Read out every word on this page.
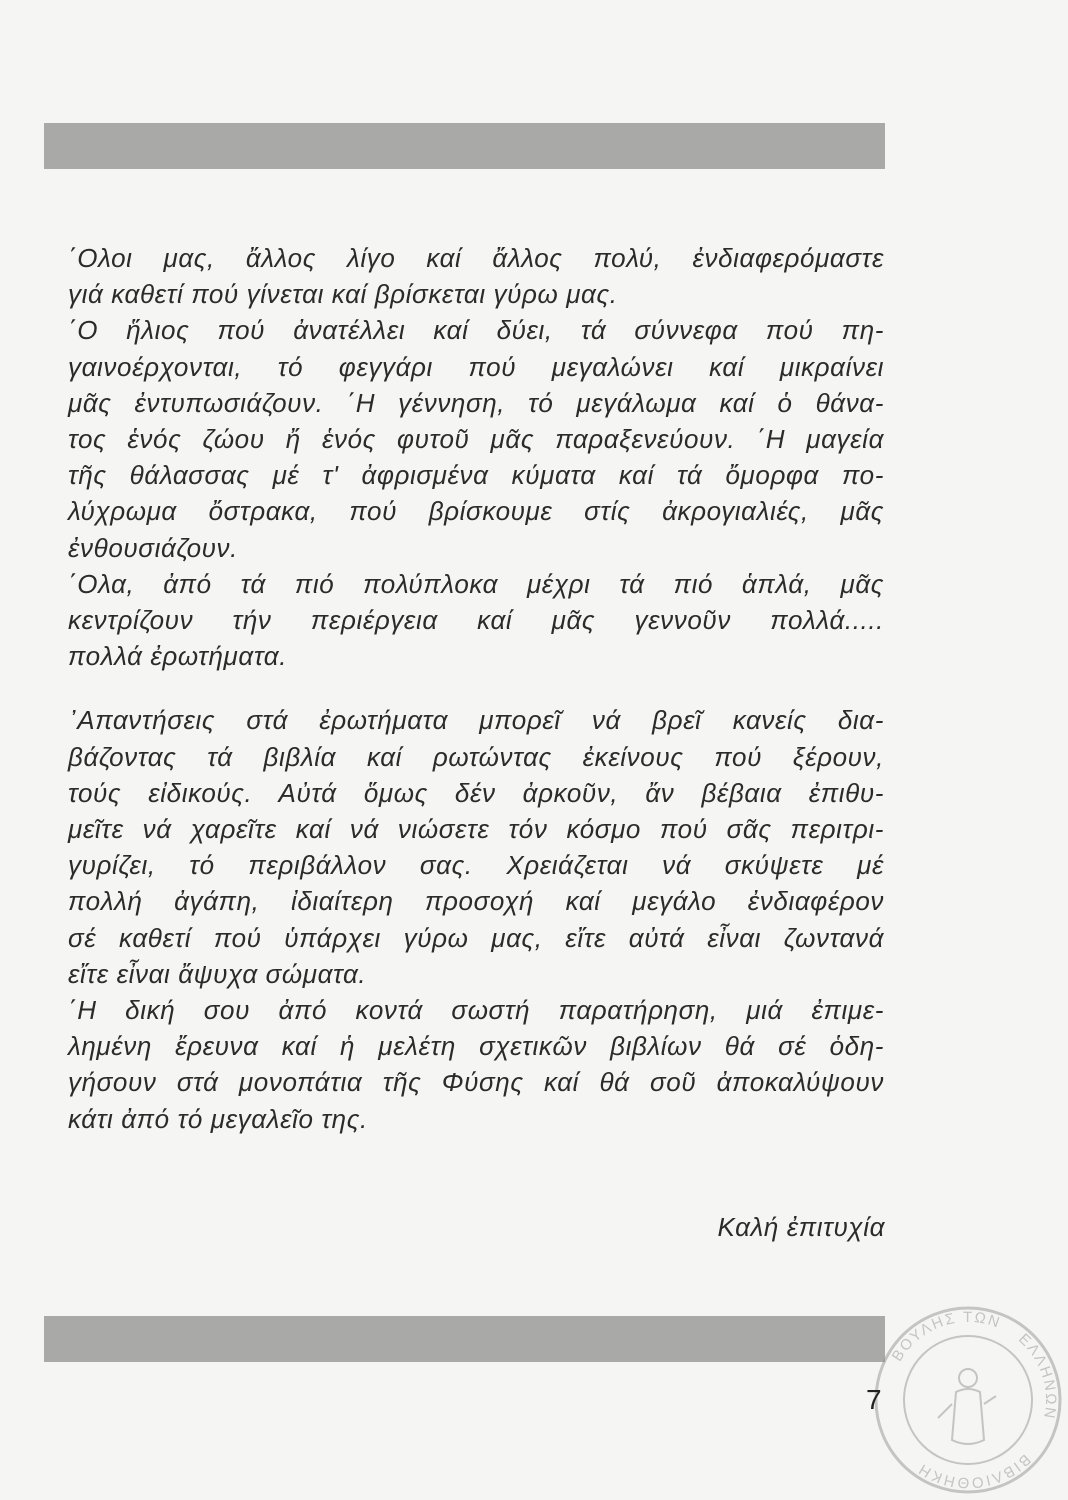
΄Ολοι μας, ἄλλος λίγο καί ἄλλος πολύ, ἐνδιαφερόμαστε
γιά καθετί πού γίνεται καί βρίσκεται γύρω μας.

΄Ο ἥλιος πού ἀνατέλλει καί δύει, τά σύννεφα πού πη-
γαινοέρχονται, τό φεγγάρι πού μεγαλώνει καί μικραίνει
μᾶς ἐντυπωσιάζουν. ΄Η γέννηση, τό μεγάλωμα καί ὁ θάνα-
τος ἑνός ζώου ἤ ἑνός φυτοῦ μᾶς παραξενεύουν. ΄Η μαγεία
τῆς θάλασσας μέ τ' ἀφρισμένα κύματα καί τά ὄμορφα πο-
λύχρωμα ὄστρακα, πού βρίσκουμε στίς ἀκρογιαλιές, μᾶς
ἐνθουσιάζουν.

΄Ολα, ἀπό τά πιό πολύπλοκα μέχρι τά πιό ἁπλά, μᾶς
κεντρίζουν τήν περιέργεια καί μᾶς γεννοῦν πολλά.....
πολλά ἐρωτήματα.

᾽Απαντήσεις στά ἐρωτήματα μπορεῖ νά βρεῖ κανείς δια-
βάζοντας τά βιβλία καί ρωτώντας ἐκείνους πού ξέρουν,
τούς εἰδικούς. Αὐτά ὅμως δέν ἀρκοῦν, ἄν βέβαια ἐπιθυ-
μεῖτε νά χαρεῖτε καί νά νιώσετε τόν κόσμο πού σᾶς περιτρι-
γυρίζει, τό περιβάλλον σας. Χρειάζεται νά σκύψετε μέ
πολλή ἀγάπη, ἰδιαίτερη προσοχή καί μεγάλο ἐνδιαφέρον
σέ καθετί πού ὑπάρχει γύρω μας, εἴτε αὐτά εἶναι ζωντανά
εἴτε εἶναι ἄψυχα σώματα.

΄Η δική σου ἀπό κοντά σωστή παρατήρηση, μιά ἐπιμε-
λημένη ἔρευνα καί ἡ μελέτη σχετικῶν βιβλίων θά σέ ὁδη-
γήσουν στά μονοπάτια τῆς Φύσης καί θά σοῦ ἀποκαλύψουν
κάτι ἀπό τό μεγαλεῖο της.

Καλή ἐπιτυχία
ΒΟΥΛΗΣ ΤΩΝ
ΕΛΛΗΝΩΝ
ΒΙΒΛΙΟΘΗΚΗ
7
